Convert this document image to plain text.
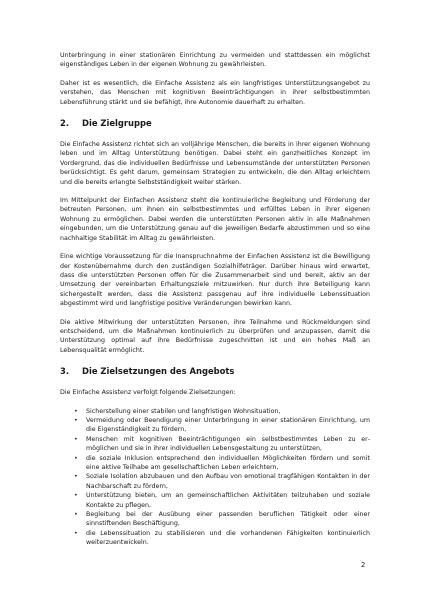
Unterbringung in einer stationären Einrichtung zu vermeiden und stattdessen ein möglichst eigenständiges Leben in der eigenen Wohnung zu gewährleisten.

Daher ist es wesentlich, die Einfache Assistenz als ein langfristiges Unterstützungsangebot zu verstehen, das Menschen mit kognitiven Beeinträchtigungen in ihrer selbstbestimmten Lebensführung stärkt und sie befähigt, ihre Autonomie dauerhaft zu erhalten.

2.	Die Zielgruppe

Die Einfache Assistenz richtet sich an volljährige Menschen, die bereits in ihrer eigenen Wohnung leben und im Alltag Unterstützung benötigen. Dabei steht ein ganzheitliches Konzept im Vordergrund, das die individuellen Bedürfnisse und Lebensumstände der unterstützten Personen berücksichtigt. Es geht darum, gemeinsam Strategien zu entwickeln, die den Alltag erleichtern und die bereits erlangte Selbstständigkeit weiter stärken.

Im Mittelpunkt der Einfachen Assistenz steht die kontinuierliche Begleitung und Förderung der betreuten Personen, um ihnen ein selbstbestimmtes und erfülltes Leben in ihrer eigenen Wohnung zu ermöglichen. Dabei werden die unterstützten Personen aktiv in alle Maßnahmen eingebunden, um die Unterstützung genau auf die jeweiligen Bedarfe abzustimmen und so eine nachhaltige Stabilität im Alltag zu gewährleisten.

Eine wichtige Voraussetzung für die Inanspruchnahme der Einfachen Assistenz ist die Bewilligung der Kostenübernahme durch den zuständigen Sozialhilfeträger. Darüber hinaus wird erwartet, dass die unterstützten Personen offen für die Zusammenarbeit sind und bereit, aktiv an der Umsetzung der vereinbarten Erhaltungsziele mitzuwirken. Nur durch ihre Beteiligung kann sichergestellt werden, dass die Assistenz passgenau auf ihre individuelle Lebenssituation abgestimmt wird und langfristige positive Veränderungen bewirken kann.

Die aktive Mitwirkung der unterstützten Personen, ihre Teilnahme und Rückmeldungen sind entscheidend, um die Maßnahmen kontinuierlich zu überprüfen und anzupassen, damit die Unterstützung optimal auf ihre Bedürfnisse zugeschnitten ist und ein hohes Maß an Lebensqualität ermöglicht.

3.	Die Zielsetzungen des Angebots

Die Einfache Assistenz verfolgt folgende Zielsetzungen:

• Sicherstellung einer stabilen und langfristigen Wohnsituation,
• Vermeidung oder Beendigung einer Unterbringung in einer stationären Einrichtung, um die Eigenständigkeit zu fördern,
• Menschen mit kognitiven Beeinträchtigungen ein selbstbestimmtes Leben zu ermöglichen und sie in ihrer individuellen Lebensgestaltung zu unterstützen,
• die soziale Inklusion entsprechend den individuellen Möglichkeiten fördern und somit eine aktive Teilhabe am gesellschaftlichen Leben erleichtern,
• Soziale Isolation abzubauen und den Aufbau von emotional tragfähigen Kontakten in der Nachbarschaft zu fördern,
• Unterstützung bieten, um an gemeinschaftlichen Aktivitäten teilzuhaben und soziale Kontakte zu pflegen,
• Begleitung bei der Ausübung einer passenden beruflichen Tätigkeit oder einer sinnstiftenden Beschäftigung,
• die Lebenssituation zu stabilisieren und die vorhandenen Fähigkeiten kontinuierlich weiterzuentwickeln.
2
